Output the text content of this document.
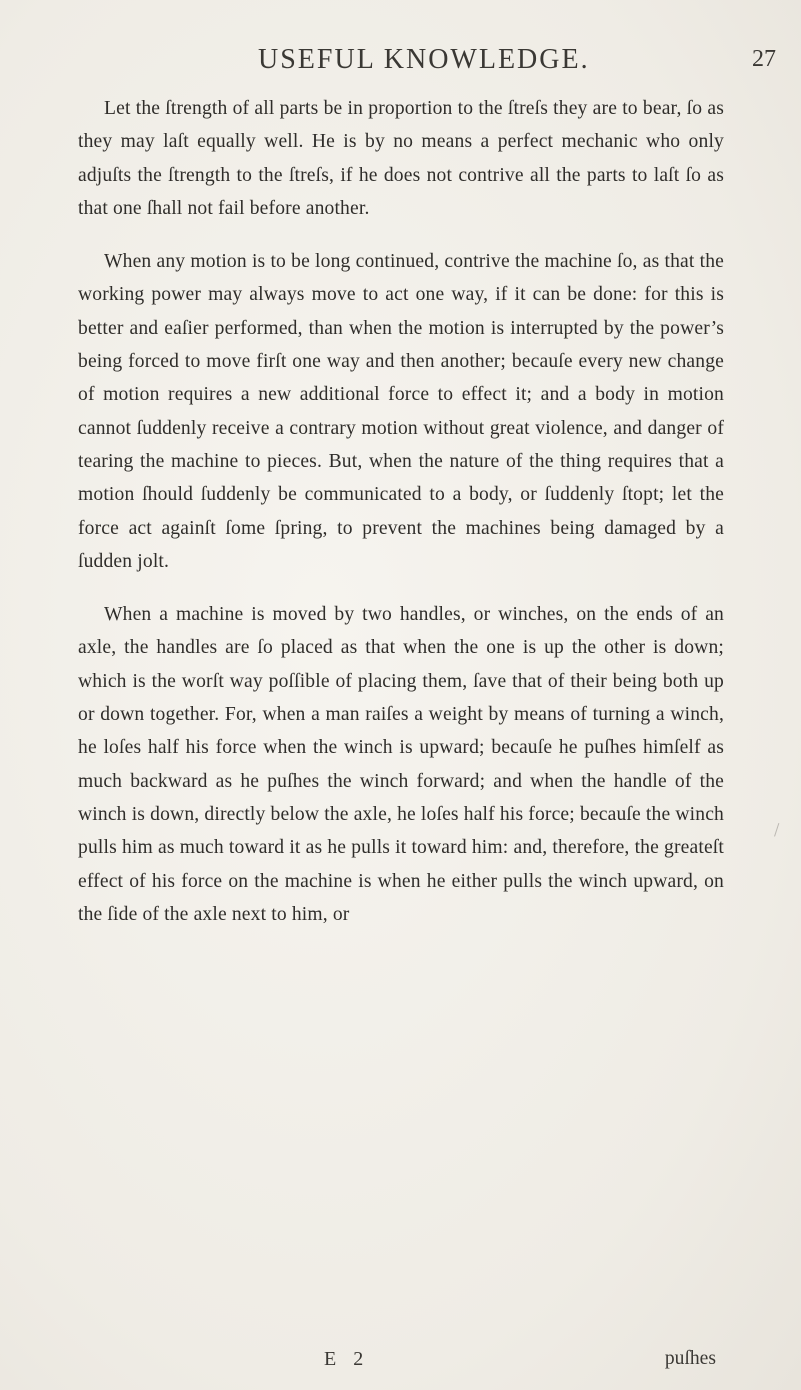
USEFUL KNOWLEDGE.	27

Let the ſtrength of all parts be in proportion to the ſtreſs they are to bear, ſo as they may laſt equally well. He is by no means a perfect mechanic who only adjuſts the ſtrength to the ſtreſs, if he does not contrive all the parts to laſt ſo as that one ſhall not fail before another.

When any motion is to be long continued, contrive the machine ſo, as that the working power may always move to act one way, if it can be done: for this is better and eaſier performed, than when the motion is interrupted by the power’s being forced to move firſt one way and then another; becauſe every new change of motion requires a new additional force to effect it; and a body in motion cannot ſuddenly receive a contrary motion without great violence, and danger of tearing the machine to pieces. But, when the nature of the thing requires that a motion ſhould ſuddenly be communicated to a body, or ſuddenly ſtopt; let the force act againſt ſome ſpring, to prevent the machines being damaged by a ſudden jolt.

When a machine is moved by two handles, or winches, on the ends of an axle, the handles are ſo placed as that when the one is up the other is down; which is the worſt way poſſible of placing them, ſave that of their being both up or down together. For, when a man raiſes a weight by means of turning a winch, he loſes half his force when the winch is upward; becauſe he puſhes himſelf as much backward as he puſhes the winch forward; and when the handle of the winch is down, directly below the axle, he loſes half his force; becauſe the winch pulls him as much toward it as he pulls it toward him: and, therefore, the greateſt effect of his force on the machine is when he either pulls the winch upward, on the ſide of the axle next to him, or

E 2	puſhes
